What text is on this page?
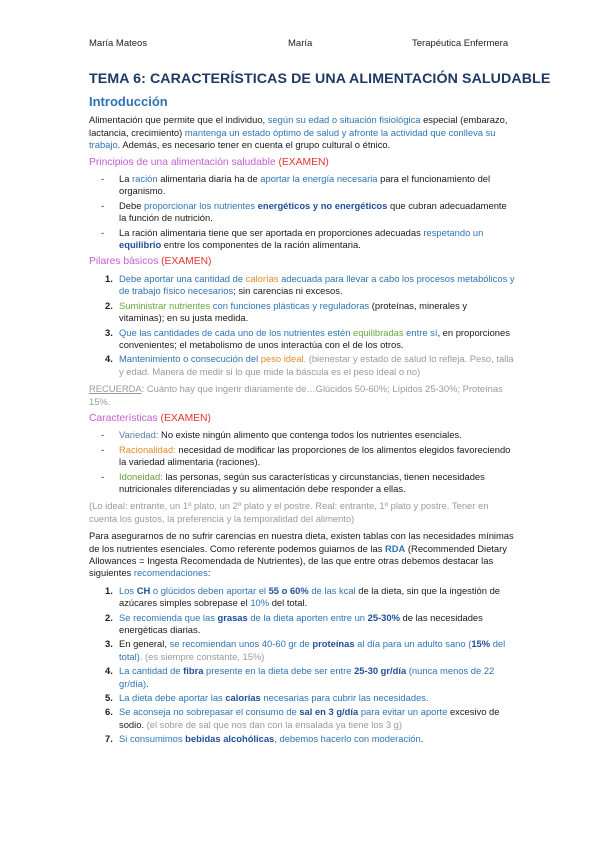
María Mateos	María	Terapéutica Enfermera
TEMA 6: CARACTERÍSTICAS DE UNA ALIMENTACIÓN SALUDABLE
Introducción

Alimentación que permite que el individuo, según su edad o situación fisiológica especial (embarazo, lactancia, crecimiento) mantenga un estado óptimo de salud y afronte la actividad que conlleva su trabajo. Además, es necesario tener en cuenta el grupo cultural o étnico.

Principios de una alimentación saludable (EXAMEN)
- La ración alimentaria diaria ha de aportar la energía necesaria para el funcionamiento del organismo.
- Debe proporcionar los nutrientes energéticos y no energéticos que cubran adecuadamente la función de nutrición.
- La ración alimentaria tiene que ser aportada en proporciones adecuadas respetando un equilibrio entre los componentes de la ración alimentaria.
Pilares básicos (EXAMEN)
1. Debe aportar una cantidad de calorías adecuada para llevar a cabo los procesos metabólicos y de trabajo físico necesarios; sin carencias ni excesos.
2. Suministrar nutrientes con funciones plásticas y reguladoras (proteínas, minerales y vitaminas); en su justa medida.
3. Que las cantidades de cada uno de los nutrientes estén equilibradas entre sí, en proporciones convenientes; el metabolismo de unos interactúa con el de los otros.
4. Mantenimiento o consecución del peso ideal. (bienestar y estado de salud lo refleja. Peso, talla y edad. Manera de medir si lo que mide la báscula es el peso ideal o no)

RECUERDA: Cuánto hay que ingerir diariamente de…Glúcidos 50-60%; Lípidos 25-30%; Proteínas 15%.

Características (EXAMEN)
- Variedad: No existe ningún alimento que contenga todos los nutrientes esenciales.
- Racionalidad: necesidad de modificar las proporciones de los alimentos elegidos favoreciendo la variedad alimentaria (raciones).
- Idoneidad: las personas, según sus características y circunstancias, tienen necesidades nutricionales diferenciadas y su alimentación debe responder a ellas.

(Lo ideal: entrante, un 1º plato, un 2º plato y el postre. Real: entrante, 1º plato y postre. Tener en cuenta los gustos, la preferencia y la temporalidad del alimento)

Para asegurarnos de no sufrir carencias en nuestra dieta, existen tablas con las necesidades mínimas de los nutrientes esenciales. Como referente podemos guiarnos de las RDA (Recommended Dietary Allowances = Ingesta Recomendada de Nutrientes), de las que entre otras debemos destacar las siguientes recomendaciones:

1. Los CH o glúcidos deben aportar el 55 o 60% de las kcal de la dieta, sin que la ingestión de azúcares simples sobrepase el 10% del total.
2. Se recomienda que las grasas de la dieta aporten entre un 25-30% de las necesidades energéticas diarias.
3. En general, se recomiendan unos 40-60 gr de proteínas al día para un adulto sano (15% del total). (es siempre constante, 15%)
4. La cantidad de fibra presente en la dieta debe ser entre 25-30 gr/día (nunca menos de 22 gr/día).
5. La dieta debe aportar las calorías necesarias para cubrir las necesidades.
6. Se aconseja no sobrepasar el consumo de sal en 3 g/día para evitar un aporte excesivo de sodio. (el sobre de sal que nos dan con la ensalada ya tiene los 3 g)
7. Si consumimos bebidas alcohólicas, debemos hacerlo con moderación.
